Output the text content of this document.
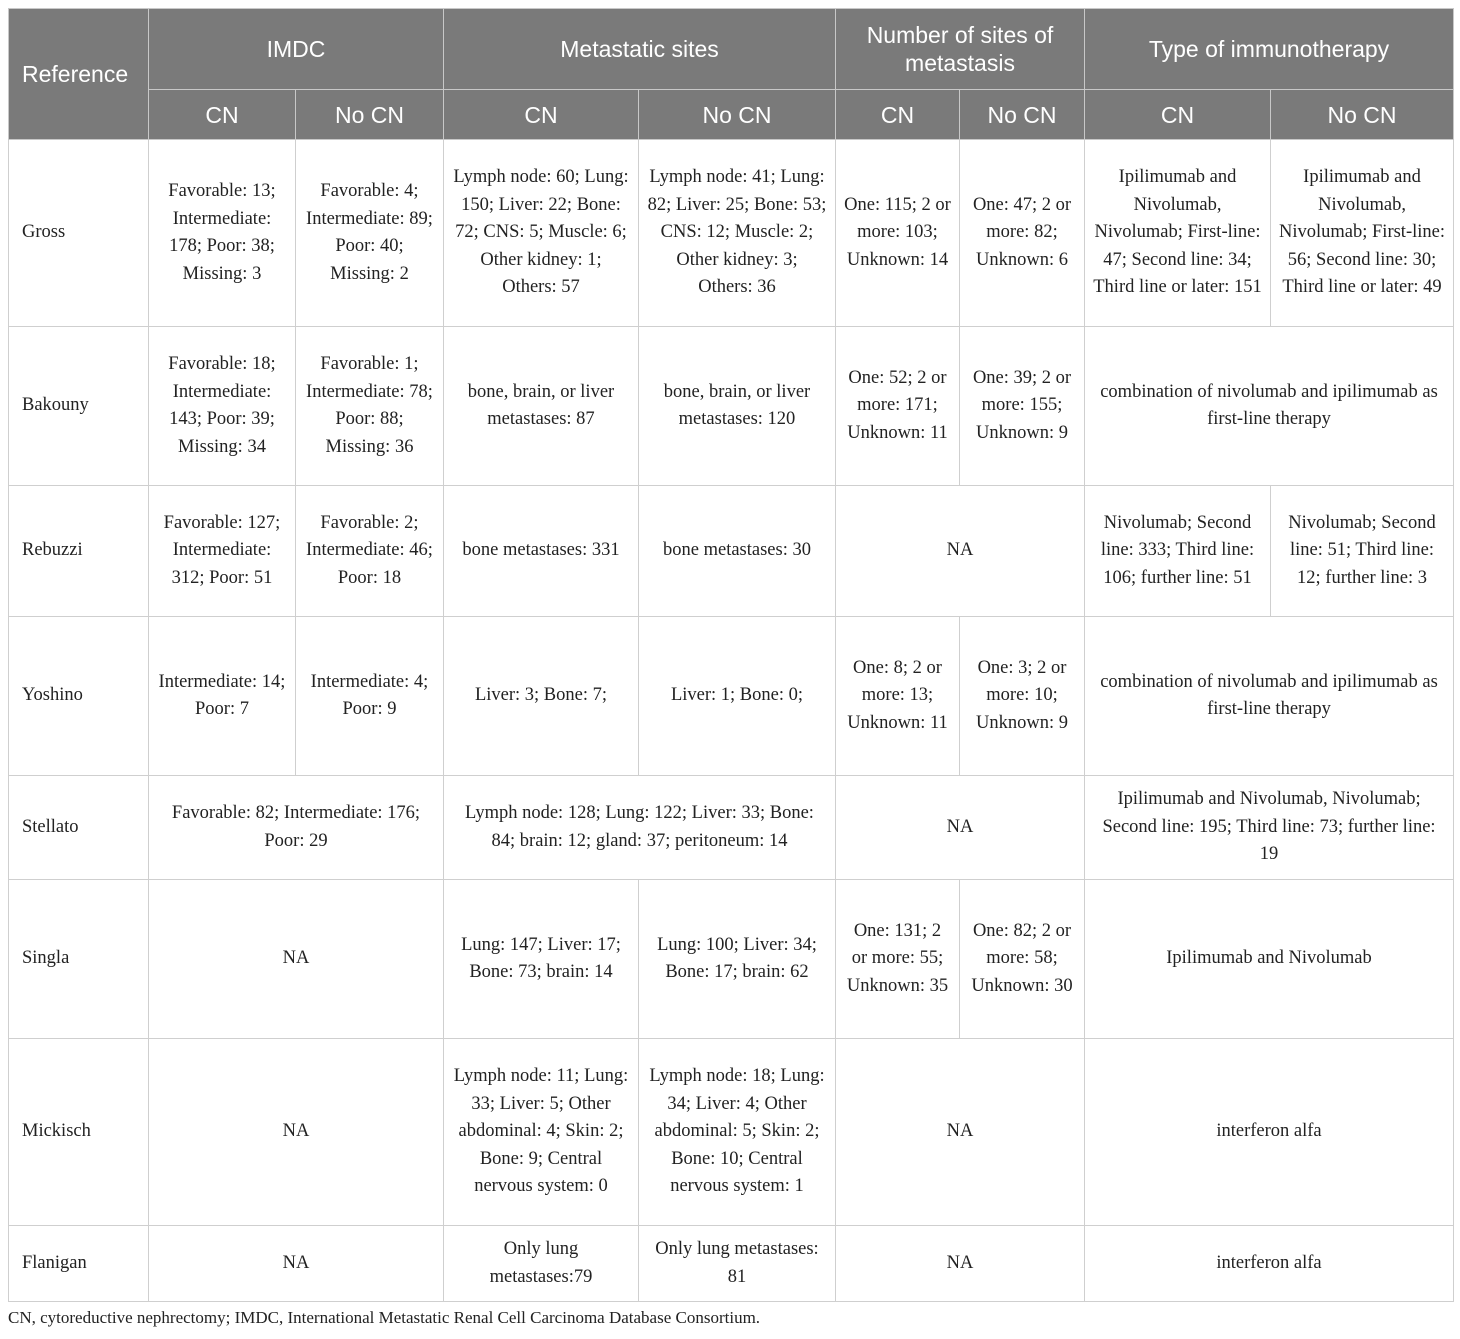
Reference	IMDC		Metastatic sites		Number of sites of metastasis		Type of immunotherapy	
	CN	No CN	CN	No CN	CN	No CN	CN	No CN
Gross	Favorable: 13; Intermediate: 178; Poor: 38; Missing: 3	Favorable: 4; Intermediate: 89; Poor: 40; Missing: 2	Lymph node: 60; Lung: 150; Liver: 22; Bone: 72; CNS: 5; Muscle: 6; Other kidney: 1; Others: 57	Lymph node: 41; Lung: 82; Liver: 25; Bone: 53; CNS: 12; Muscle: 2; Other kidney: 3; Others: 36	One: 115; 2 or more: 103; Unknown: 14	One: 47; 2 or more: 82; Unknown: 6	Ipilimumab and Nivolumab, Nivolumab; First-line: 47; Second line: 34; Third line or later: 151	Ipilimumab and Nivolumab, Nivolumab; First-line: 56; Second line: 30; Third line or later: 49
Bakouny	Favorable: 18; Intermediate: 143; Poor: 39; Missing: 34	Favorable: 1; Intermediate: 78; Poor: 88; Missing: 36	bone, brain, or liver metastases: 87	bone, brain, or liver metastases: 120	One: 52; 2 or more: 171; Unknown: 11	One: 39; 2 or more: 155; Unknown: 9	combination of nivolumab and ipilimumab as first-line therapy	
Rebuzzi	Favorable: 127; Intermediate: 312; Poor: 51	Favorable: 2; Intermediate: 46; Poor: 18	bone metastases: 331	bone metastases: 30	NA		Nivolumab; Second line: 333; Third line: 106; further line: 51	Nivolumab; Second line: 51; Third line: 12; further line: 3
Yoshino	Intermediate: 14; Poor: 7	Intermediate: 4; Poor: 9	Liver: 3; Bone: 7;	Liver: 1; Bone: 0;	One: 8; 2 or more: 13; Unknown: 11	One: 3; 2 or more: 10; Unknown: 9	combination of nivolumab and ipilimumab as first-line therapy	
Stellato	Favorable: 82; Intermediate: 176; Poor: 29		Lymph node: 128; Lung: 122; Liver: 33; Bone: 84; brain: 12; gland: 37; peritoneum: 14		NA		Ipilimumab and Nivolumab, Nivolumab; Second line: 195; Third line: 73; further line: 19	
Singla	NA		Lung: 147; Liver: 17; Bone: 73; brain: 14	Lung: 100; Liver: 34; Bone: 17; brain: 62	One: 131; 2 or more: 55; Unknown: 35	One: 82; 2 or more: 58; Unknown: 30	Ipilimumab and Nivolumab	
Mickisch	NA		Lymph node: 11; Lung: 33; Liver: 5; Other abdominal: 4; Skin: 2; Bone: 9; Central nervous system: 0	Lymph node: 18; Lung: 34; Liver: 4; Other abdominal: 5; Skin: 2; Bone: 10; Central nervous system: 1	NA		interferon alfa	
Flanigan	NA		Only lung metastases:79	Only lung metastases: 81	NA		interferon alfa	
CN, cytoreductive nephrectomy; IMDC, International Metastatic Renal Cell Carcinoma Database Consortium.
